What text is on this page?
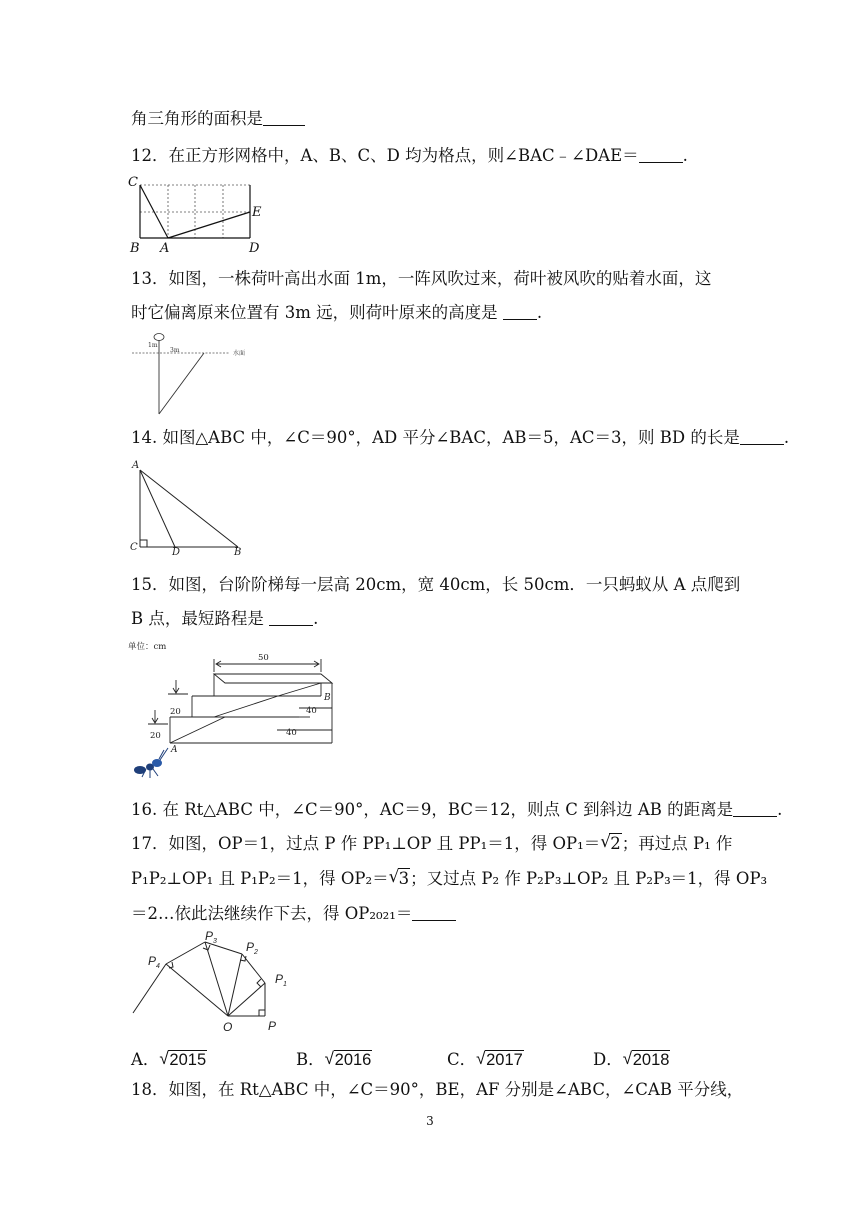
角三角形的面积是
12．在正方形网格中，A、B、C、D 均为格点，则∠BAC﹣∠DAE＝	.
C
B A	D
E
13．如图，一株荷叶高出水面 1m，一阵风吹过来，荷叶被风吹的贴着水面，这
时它偏离原来位置有 3m 远，则荷叶原来的高度是 .
1m
3m	水面
14. 如图△ABC 中，∠C＝90°，AD 平分∠BAC，AB＝5，AC＝3，则 BD 的长是	.
A
C	D	B
15．如图，台阶阶梯每一层高 20cm，宽 40cm，长 50cm．一只蚂蚁从 A 点爬到
B 点，最短路程是	.
单位：cm
50
20
20
40
40
A
B
16. 在 Rt△ABC 中，∠C＝90°，AC＝9，BC＝12，则点 C 到斜边 AB 的距离是	.
17．如图，OP＝1，过点 P 作 PP₁⊥OP 且 PP₁＝1，得 OP₁＝ √ 2；再过点 P₁ 作
P₁P₂⊥OP₁ 且 P₁P₂＝1，得 OP₂＝ √ 3；又过点 P₂ 作 P₂P₃⊥OP₂ 且 P₂P₃＝1，得 OP₃
＝2…依此法继续作下去，得 OP₂₀₂₁＝
P 4
P 3 P 2
P 1
O	P
A． √ 2015	B． √ 2016	C． √ 2017	D． √ 2018
18．如图，在 Rt△ABC 中，∠C＝90°，BE，AF 分别是∠ABC，∠CAB 平分线，
3
